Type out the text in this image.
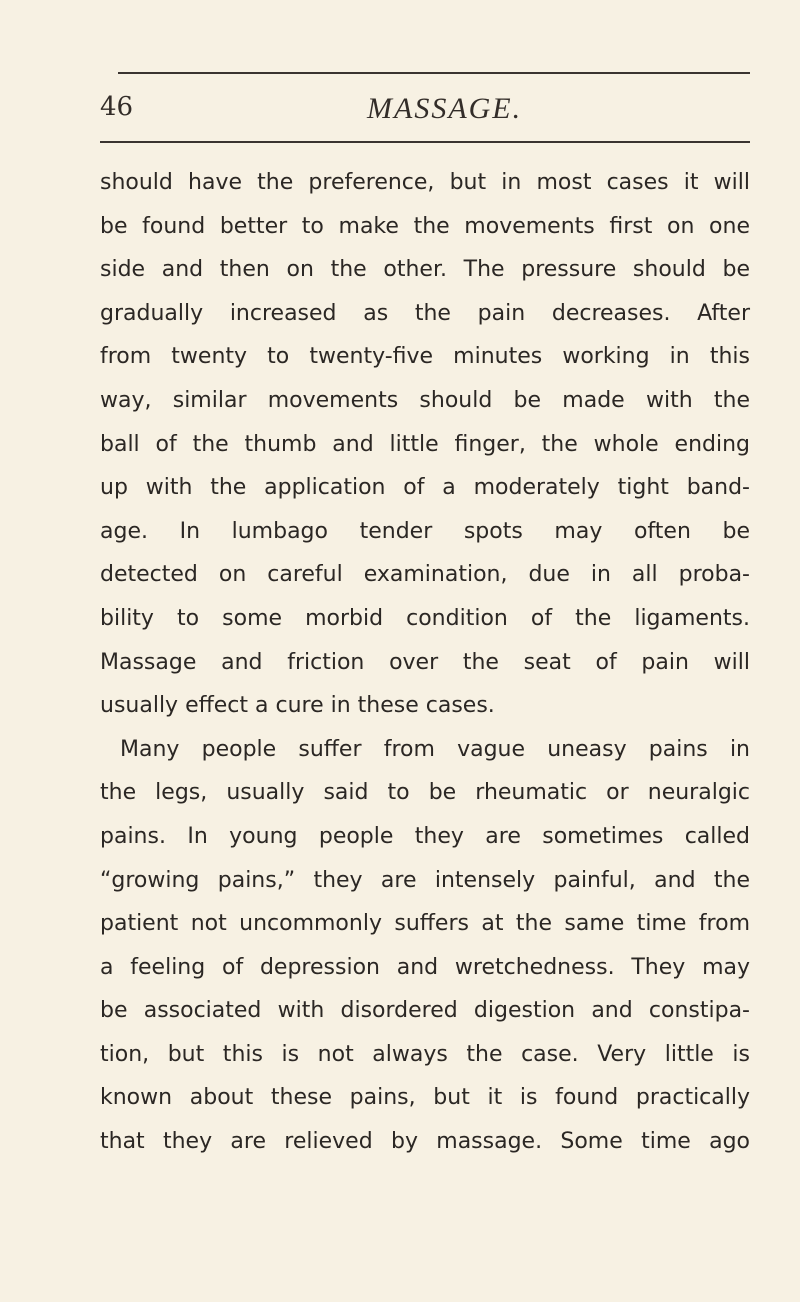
46	MASSAGE.
should have the preference, but in most cases it will
be found better to make the movements first on one
side and then on the other. The pressure should be
gradually increased as the pain decreases. After
from twenty to twenty-five minutes working in this
way, similar movements should be made with the
ball of the thumb and little finger, the whole ending
up with the application of a moderately tight band-
age. In lumbago tender spots may often be
detected on careful examination, due in all proba-
bility to some morbid condition of the ligaments.
Massage and friction over the seat of pain will
usually effect a cure in these cases.
Many people suffer from vague uneasy pains in
the legs, usually said to be rheumatic or neuralgic
pains. In young people they are sometimes called
“growing pains,” they are intensely painful, and the
patient not uncommonly suffers at the same time from
a feeling of depression and wretchedness. They may
be associated with disordered digestion and constipa-
tion, but this is not always the case. Very little is
known about these pains, but it is found practically
that they are relieved by massage. Some time ago
